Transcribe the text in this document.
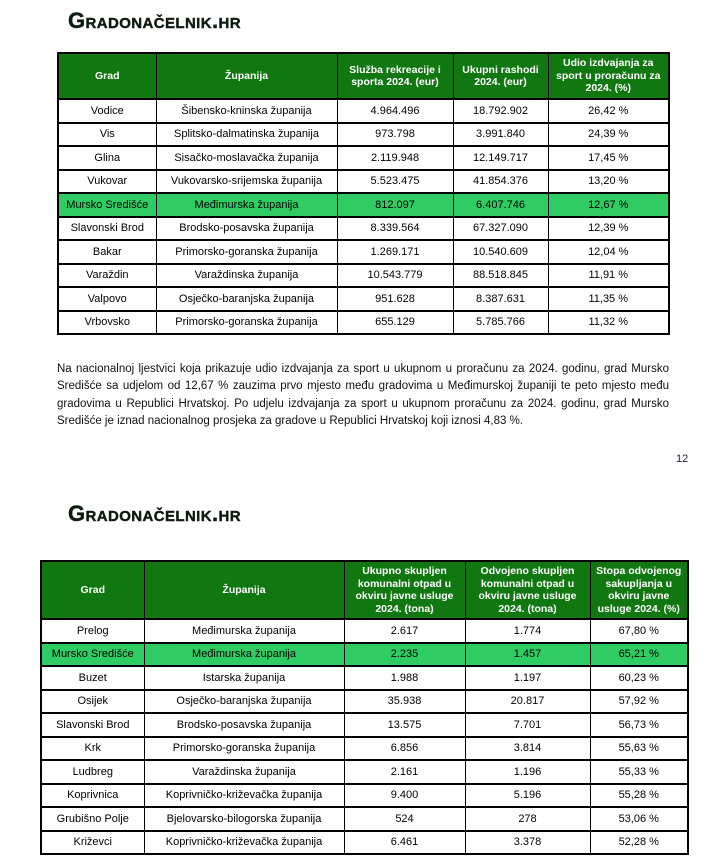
Gradonačelnik.hr
Grad	Županija	Služba rekreacije i sporta 2024. (eur)	Ukupni rashodi 2024. (eur)	Udio izdvajanja za sport u proračunu za 2024. (%)
Vodice	Šibensko-kninska županija	4.964.496	18.792.902	26,42 %
Vis	Splitsko-dalmatinska županija	973.798	3.991.840	24,39 %
Glina	Sisačko-moslavačka županija	2.119.948	12.149.717	17,45 %
Vukovar	Vukovarsko-srijemska županija	5.523.475	41.854.376	13,20 %
Mursko Središće	Međimurska županija	812.097	6.407.746	12,67 %
Slavonski Brod	Brodsko-posavska županija	8.339.564	67.327.090	12,39 %
Bakar	Primorsko-goranska županija	1.269.171	10.540.609	12,04 %
Varaždin	Varaždinska županija	10.543.779	88.518.845	11,91 %
Valpovo	Osječko-baranjska županija	951.628	8.387.631	11,35 %
Vrbovsko	Primorsko-goranska županija	655.129	5.785.766	11,32 %

Na nacionalnoj ljestvici koja prikazuje udio izdvajanja za sport u ukupnom u proračunu za 2024. godinu, grad Mursko Središće sa udjelom od 12,67 % zauzima prvo mjesto među gradovima u Međimurskoj županiji te peto mjesto među gradovima u Republici Hrvatskoj. Po udjelu izdvajanja za sport u ukupnom proračunu za 2024. godinu, grad Mursko Središće je iznad nacionalnog prosjeka za gradove u Republici Hrvatskoj koji iznosi 4,83 %.

12
Gradonačelnik.hr
Grad	Županija	Ukupno skupljen komunalni otpad u okviru javne usluge 2024. (tona)	Odvojeno skupljen komunalni otpad u okviru javne usluge 2024. (tona)	Stopa odvojenog sakupljanja u okviru javne usluge 2024. (%)
Prelog	Međimurska županija	2.617	1.774	67,80 %
Mursko Središće	Međimurska županija	2.235	1.457	65,21 %
Buzet	Istarska županija	1.988	1.197	60,23 %
Osijek	Osječko-baranjska županija	35.938	20.817	57,92 %
Slavonski Brod	Brodsko-posavska županija	13.575	7.701	56,73 %
Krk	Primorsko-goranska županija	6.856	3.814	55,63 %
Ludbreg	Varaždinska županija	2.161	1.196	55,33 %
Koprivnica	Koprivničko-križevačka županija	9.400	5.196	55,28 %
Grubišno Polje	Bjelovarsko-bilogorska županija	524	278	53,06 %
Križevci	Koprivničko-križevačka županija	6.461	3.378	52,28 %
